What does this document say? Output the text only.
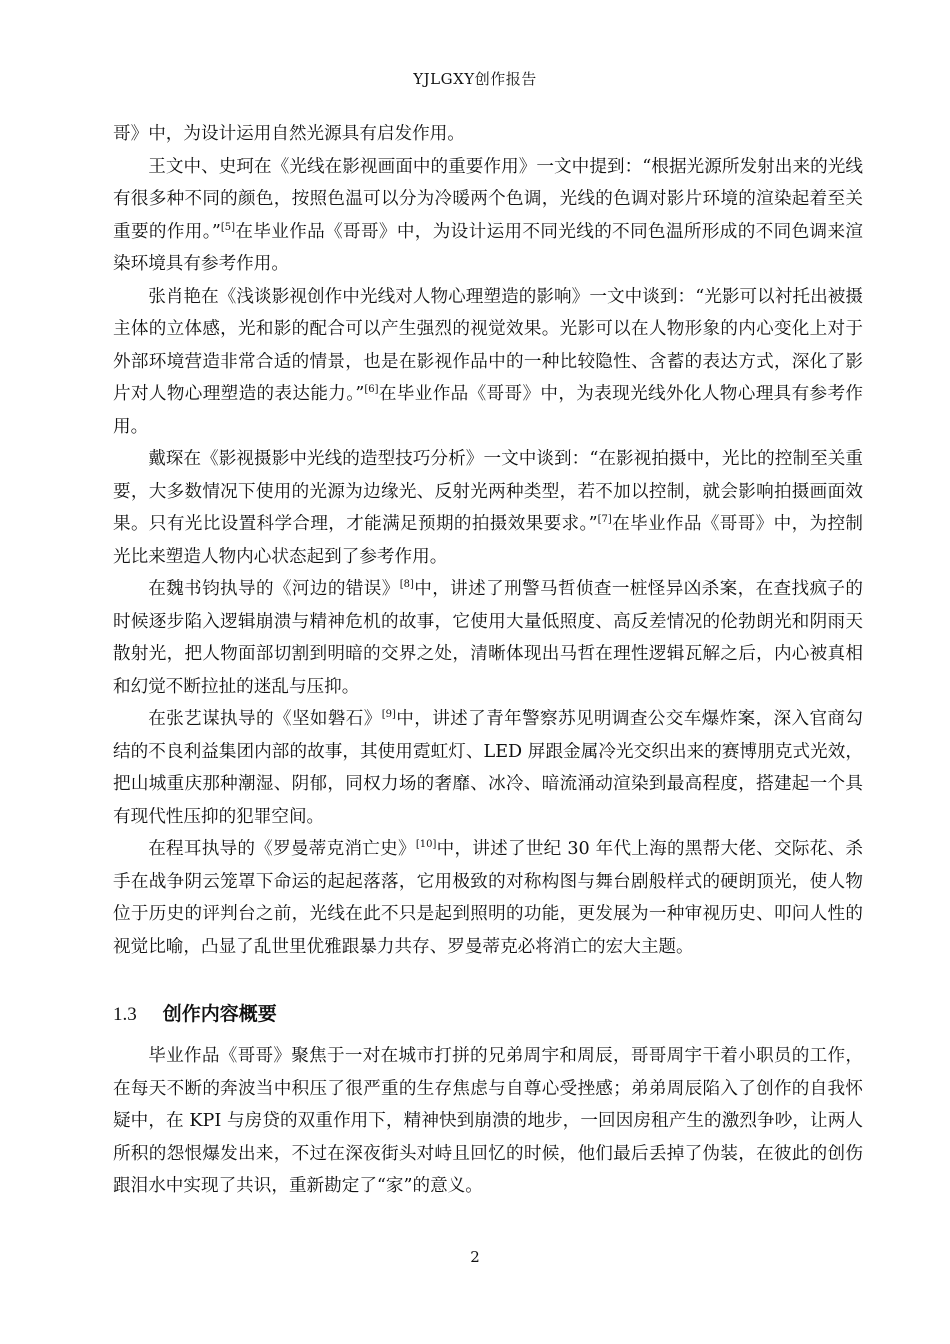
YJLGXY创作报告

哥》中，为设计运用自然光源具有启发作用。

王文中、史珂在《光线在影视画面中的重要作用》一文中提到：“根据光源所发射出来的光线有很多种不同的颜色，按照色温可以分为冷暖两个色调，光线的色调对影片环境的渲染起着至关重要的作用。”[5]在毕业作品《哥哥》中，为设计运用不同光线的不同色温所形成的不同色调来渲染环境具有参考作用。

张肖艳在《浅谈影视创作中光线对人物心理塑造的影响》一文中谈到：“光影可以衬托出被摄主体的立体感，光和影的配合可以产生强烈的视觉效果。光影可以在人物形象的内心变化上对于外部环境营造非常合适的情景，也是在影视作品中的一种比较隐性、含蓄的表达方式，深化了影片对人物心理塑造的表达能力。”[6]在毕业作品《哥哥》中，为表现光线外化人物心理具有参考作用。

戴琛在《影视摄影中光线的造型技巧分析》一文中谈到：“在影视拍摄中，光比的控制至关重要，大多数情况下使用的光源为边缘光、反射光两种类型，若不加以控制，就会影响拍摄画面效果。只有光比设置科学合理，才能满足预期的拍摄效果要求。”[7]在毕业作品《哥哥》中，为控制光比来塑造人物内心状态起到了参考作用。

在魏书钧执导的《河边的错误》[8]中，讲述了刑警马哲侦查一桩怪异凶杀案，在查找疯子的时候逐步陷入逻辑崩溃与精神危机的故事，它使用大量低照度、高反差情况的伦勃朗光和阴雨天散射光，把人物面部切割到明暗的交界之处，清晰体现出马哲在理性逻辑瓦解之后，内心被真相和幻觉不断拉扯的迷乱与压抑。

在张艺谋执导的《坚如磐石》[9]中，讲述了青年警察苏见明调查公交车爆炸案，深入官商勾结的不良利益集团内部的故事，其使用霓虹灯、LED 屏跟金属冷光交织出来的赛博朋克式光效，把山城重庆那种潮湿、阴郁，同权力场的奢靡、冰冷、暗流涌动渲染到最高程度，搭建起一个具有现代性压抑的犯罪空间。

在程耳执导的《罗曼蒂克消亡史》[10]中，讲述了世纪 30 年代上海的黑帮大佬、交际花、杀手在战争阴云笼罩下命运的起起落落，它用极致的对称构图与舞台剧般样式的硬朗顶光，使人物位于历史的评判台之前，光线在此不只是起到照明的功能，更发展为一种审视历史、叩问人性的视觉比喻，凸显了乱世里优雅跟暴力共存、罗曼蒂克必将消亡的宏大主题。

1.3 创作内容概要

毕业作品《哥哥》聚焦于一对在城市打拼的兄弟周宇和周辰，哥哥周宇干着小职员的工作，在每天不断的奔波当中积压了很严重的生存焦虑与自尊心受挫感；弟弟周辰陷入了创作的自我怀疑中，在 KPI 与房贷的双重作用下，精神快到崩溃的地步，一回因房租产生的激烈争吵，让两人所积的怨恨爆发出来，不过在深夜街头对峙且回忆的时候，他们最后丢掉了伪装，在彼此的创伤跟泪水中实现了共识，重新勘定了“家”的意义。

2
